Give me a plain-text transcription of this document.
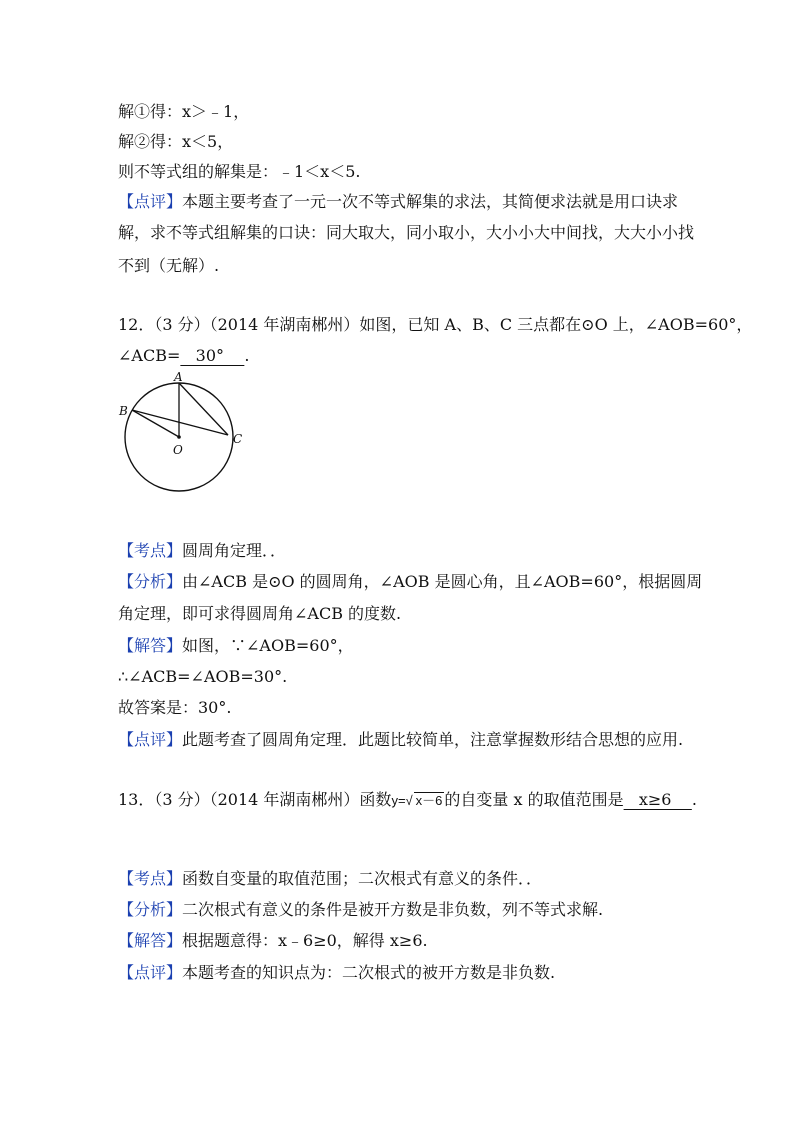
解①得：x＞﹣1，
解②得：x＜5，
则不等式组的解集是：﹣1＜x＜5.
【点评】本题主要考查了一元一次不等式解集的求法，其简便求法就是用口诀求
解，求不等式组解集的口诀：同大取大，同小取小，大小小大中间找，大大小小找
不到（无解）.
12．（3 分）（2014 年湖南郴州）如图，已知 A、B、C 三点都在⊙O 上，∠AOB=60°，
∠ACB=   30°    .
A
B
C
O
【考点】圆周角定理．．
【分析】由∠ACB 是⊙O 的圆周角，∠AOB 是圆心角，且∠AOB=60°，根据圆周
角定理，即可求得圆周角∠ACB 的度数.
【解答】如图，∵∠AOB=60°，
∴∠ACB=∠AOB=30°.
故答案是：30°.
【点评】此题考查了圆周角定理．此题比较简单，注意掌握数形结合思想的应用.
13．（3 分）（2014 年湖南郴州）函数y=√ x－6 的自变量 x 的取值范围是   x≥6    .
【考点】函数自变量的取值范围；二次根式有意义的条件．．
【分析】二次根式有意义的条件是被开方数是非负数，列不等式求解.
【解答】根据题意得：x﹣6≥0，解得 x≥6.
【点评】本题考查的知识点为：二次根式的被开方数是非负数.
